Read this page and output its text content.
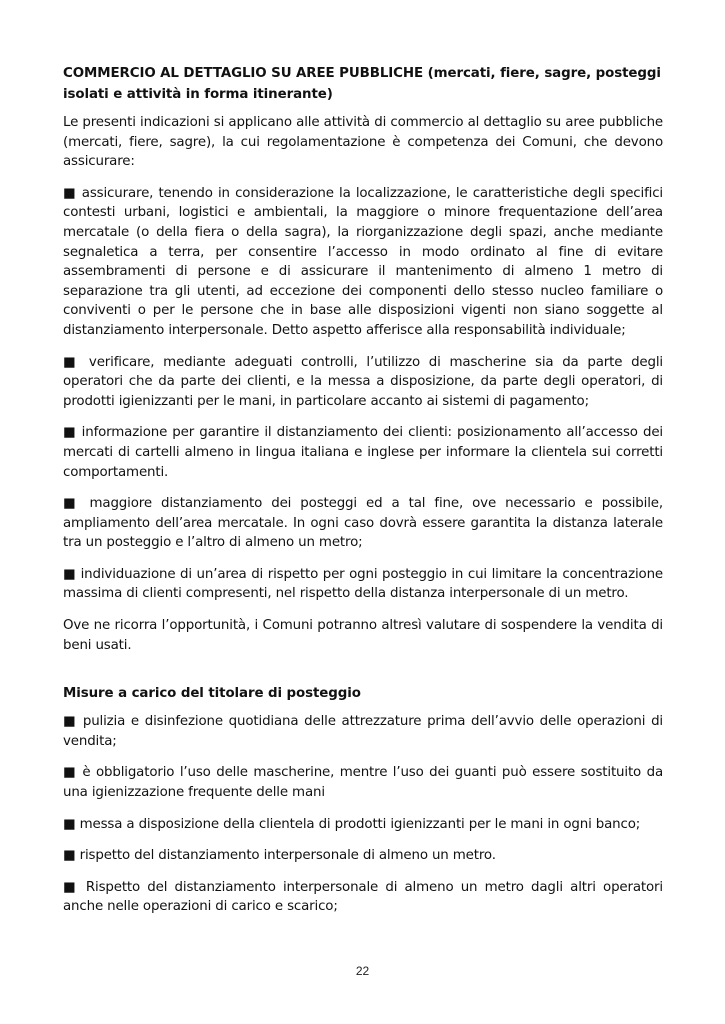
COMMERCIO AL DETTAGLIO SU AREE PUBBLICHE (mercati, fiere, sagre, posteggi isolati e attività in forma itinerante)

Le presenti indicazioni si applicano alle attività di commercio al dettaglio su aree pubbliche (mercati, fiere, sagre), la cui regolamentazione è competenza dei Comuni, che devono assicurare:

■ assicurare, tenendo in considerazione la localizzazione, le caratteristiche degli specifici contesti urbani, logistici e ambientali, la maggiore o minore frequentazione dell’area mercatale (o della fiera o della sagra), la riorganizzazione degli spazi, anche mediante segnaletica a terra, per consentire l’accesso in modo ordinato al fine di evitare assembramenti di persone e di assicurare il mantenimento di almeno 1 metro di separazione tra gli utenti, ad eccezione dei componenti dello stesso nucleo familiare o conviventi o per le persone che in base alle disposizioni vigenti non siano soggette al distanziamento interpersonale. Detto aspetto afferisce alla responsabilità individuale;

■ verificare, mediante adeguati controlli, l’utilizzo di mascherine sia da parte degli operatori che da parte dei clienti, e la messa a disposizione, da parte degli operatori, di prodotti igienizzanti per le mani, in particolare accanto ai sistemi di pagamento;

■ informazione per garantire il distanziamento dei clienti: posizionamento all’accesso dei mercati di cartelli almeno in lingua italiana e inglese per informare la clientela sui corretti comportamenti.

■ maggiore distanziamento dei posteggi ed a tal fine, ove necessario e possibile, ampliamento dell’area mercatale. In ogni caso dovrà essere garantita la distanza laterale tra un posteggio e l’altro di almeno un metro;

■ individuazione di un’area di rispetto per ogni posteggio in cui limitare la concentrazione massima di clienti compresenti, nel rispetto della distanza interpersonale di un metro.

Ove ne ricorra l’opportunità, i Comuni potranno altresì valutare di sospendere la vendita di beni usati.

Misure a carico del titolare di posteggio

■ pulizia e disinfezione quotidiana delle attrezzature prima dell’avvio delle operazioni di vendita;

■ è obbligatorio l’uso delle mascherine, mentre l’uso dei guanti può essere sostituito da una igienizzazione frequente delle mani

■ messa a disposizione della clientela di prodotti igienizzanti per le mani in ogni banco;

■ rispetto del distanziamento interpersonale di almeno un metro.

■ Rispetto del distanziamento interpersonale di almeno un metro dagli altri operatori anche nelle operazioni di carico e scarico;

22
